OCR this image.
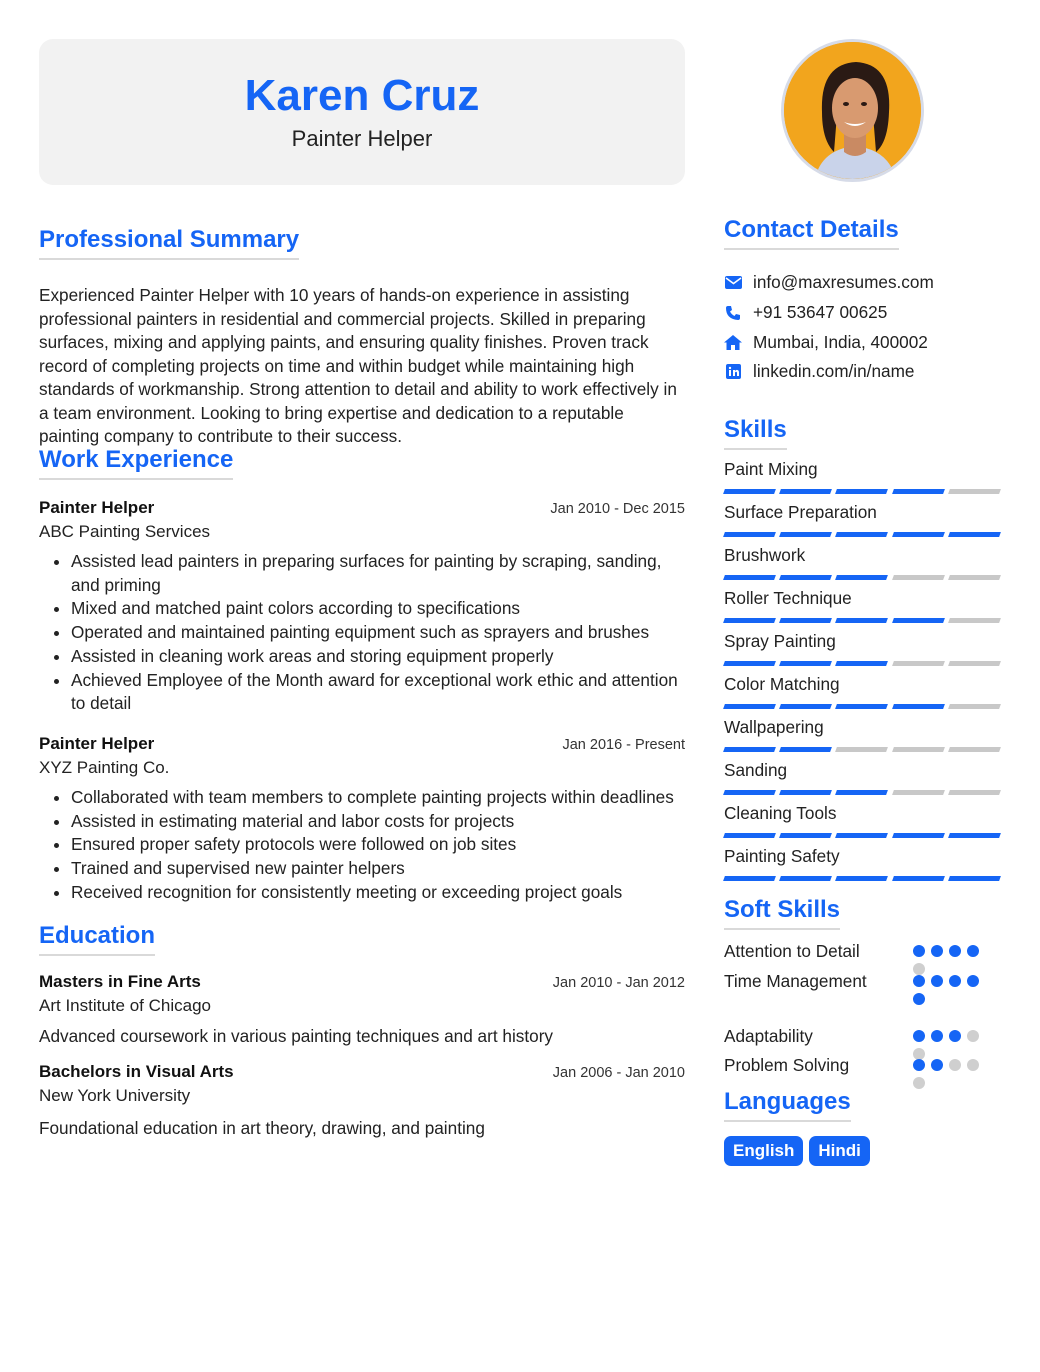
Karen Cruz
Painter Helper
Professional Summary

Experienced Painter Helper with 10 years of hands-on experience in assisting professional painters in residential and commercial projects. Skilled in preparing surfaces, mixing and applying paints, and ensuring quality finishes. Proven track record of completing projects on time and within budget while maintaining high standards of workmanship. Strong attention to detail and ability to work effectively in a team environment. Looking to bring expertise and dedication to a reputable painting company to contribute to their success.

Work Experience
Painter Helper	Jan 2010 - Dec 2015
ABC Painting Services
• Assisted lead painters in preparing surfaces for painting by scraping, sanding, and priming
• Mixed and matched paint colors according to specifications
• Operated and maintained painting equipment such as sprayers and brushes
• Assisted in cleaning work areas and storing equipment properly
• Achieved Employee of the Month award for exceptional work ethic and attention to detail
Painter Helper	Jan 2016 - Present
XYZ Painting Co.
• Collaborated with team members to complete painting projects within deadlines
• Assisted in estimating material and labor costs for projects
• Ensured proper safety protocols were followed on job sites
• Trained and supervised new painter helpers
• Received recognition for consistently meeting or exceeding project goals
Education
Masters in Fine Arts	Jan 2010 - Jan 2012
Art Institute of Chicago

Advanced coursework in various painting techniques and art history

Bachelors in Visual Arts	Jan 2006 - Jan 2010
New York University

Foundational education in art theory, drawing, and painting

Contact Details
info@maxresumes.com
+91 53647 00625
Mumbai, India, 400002
linkedin.com/in/name
Skills
Paint Mixing
Surface Preparation
Brushwork
Roller Technique
Spray Painting
Color Matching
Wallpapering
Sanding
Cleaning Tools
Painting Safety
Soft Skills
Attention to Detail
Time Management
Adaptability
Problem Solving
Languages
English	Hindi
